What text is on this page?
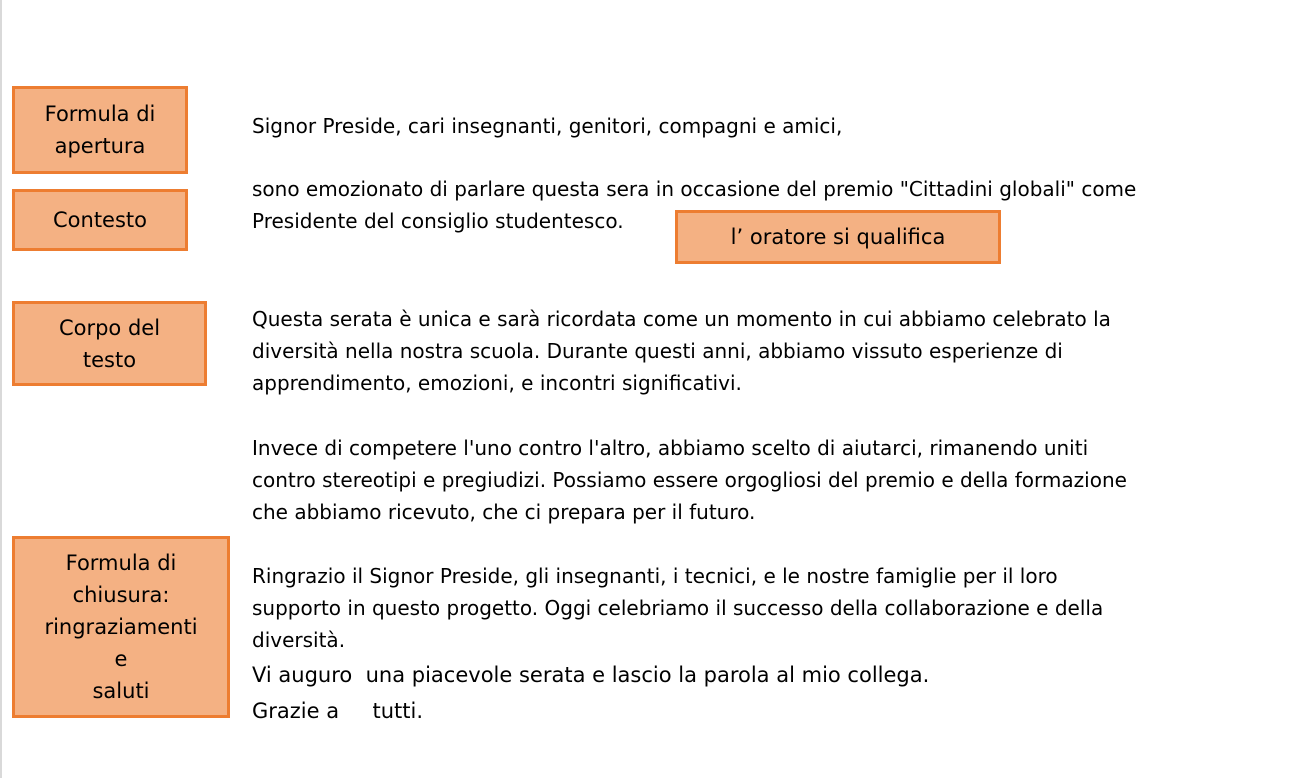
Formula di
apertura
Contesto
l’ oratore si qualifica
Corpo del
testo
Formula di
chiusura:
ringraziamenti
e
saluti

Signor Preside, cari insegnanti, genitori, compagni e amici,

sono emozionato di parlare questa sera in occasione del premio "Cittadini globali" come
Presidente del consiglio studentesco.

Questa serata è unica e sarà ricordata come un momento in cui abbiamo celebrato la
diversità nella nostra scuola. Durante questi anni, abbiamo vissuto esperienze di
apprendimento, emozioni, e incontri significativi.

Invece di competere l'uno contro l'altro, abbiamo scelto di aiutarci, rimanendo uniti
contro stereotipi e pregiudizi. Possiamo essere orgogliosi del premio e della formazione
che abbiamo ricevuto, che ci prepara per il futuro.

Ringrazio il Signor Preside, gli insegnanti, i tecnici, e le nostre famiglie per il loro
supporto in questo progetto. Oggi celebriamo il successo della collaborazione e della
diversità.

Vi auguro  una piacevole serata e lascio la parola al mio collega.

Grazie a     tutti.
